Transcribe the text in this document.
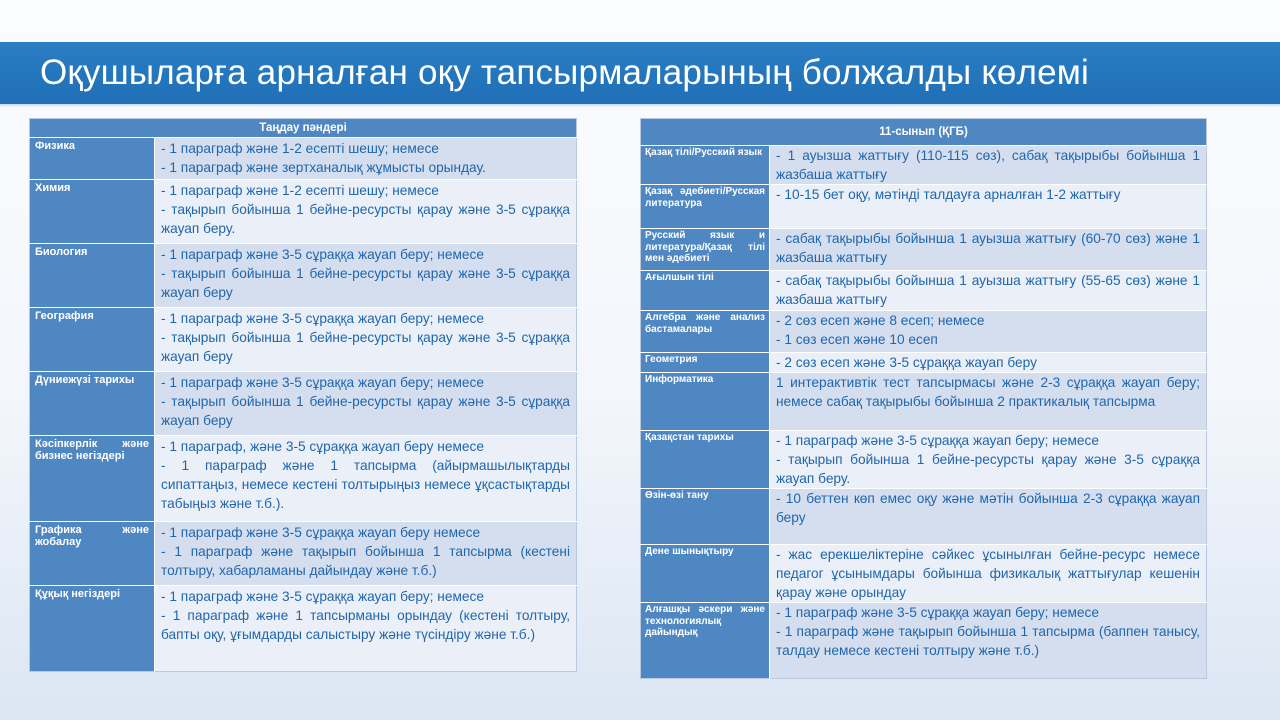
Оқушыларға арналған оқу тапсырмаларының болжалды көлемі
Таңдау пәндері	
Физика	- 1 параграф және 1-2 есепті шешу; немесе
- 1 параграф және зертханалық жұмысты орындау.

Химия	- 1 параграф және 1-2 есепті шешу; немесе
- тақырып бойынша 1 бейне-ресурсты қарау және 3-5 сұраққа жауап беру.

Биология	- 1 параграф және 3-5 сұраққа жауап беру; немесе
- тақырып бойынша 1 бейне-ресурсты қарау және 3-5 сұраққа жауап беру

География	- 1 параграф және 3-5 сұраққа жауап беру; немесе
- тақырып бойынша 1 бейне-ресурсты қарау және 3-5 сұраққа жауап беру

Дүниежүзі тарихы	- 1 параграф және 3-5 сұраққа жауап беру; немесе
- тақырып бойынша 1 бейне-ресурсты қарау және 3-5 сұраққа жауап беру

Кәсіпкерлік және бизнес негіздері	- 1 параграф, және 3-5 сұраққа жауап беру немесе
- 1 параграф және 1 тапсырма (айырмашылықтарды сипаттаңыз, немесе кестені толтырыңыз немесе ұқсастықтарды табыңыз және т.б.).

Графика және жобалау	- 1 параграф және 3-5 сұраққа жауап беру немесе
- 1 параграф және тақырып бойынша 1 тапсырма (кестені толтыру, хабарламаны дайындау және т.б.)

Құқық негіздері	- 1 параграф және 3-5 сұраққа жауап беру; немесе
- 1 параграф және 1 тапсырманы орындау (кестені толтыру, бапты оқу, ұғымдарды салыстыру және түсіндіру және т.б.)
11-сынып (ҚГБ)	
Қазақ тілі/Русский язык	- 1 ауызша жаттығу (110-115 сөз), сабақ тақырыбы бойынша 1 жазбаша жаттығу

Қазақ әдебиеті/Русская литература	- 10-15 бет оқу, мәтінді талдауға арналған 1-2 жаттығу

Русский язык и литература/Қазақ тілі мен әдебиеті	- сабақ тақырыбы бойынша 1 ауызша жаттығу (60-70 сөз) және 1 жазбаша жаттығу

Ағылшын тілі	- сабақ тақырыбы бойынша 1 ауызша жаттығу (55-65 сөз) және 1 жазбаша жаттығу

Алгебра және анализ бастамалары	- 2 сөз есеп және 8 есеп; немесе
- 1 сөз есеп және 10 есеп

Геометрия	- 2 сөз есеп және 3-5 сұраққа жауап беру

Информатика	1 интерактивтік тест тапсырмасы және 2-3 сұраққа жауап беру; немесе сабақ тақырыбы бойынша 2 практикалық тапсырма

Қазақстан тарихы	- 1 параграф және 3-5 сұраққа жауап беру; немесе
- тақырып бойынша 1 бейне-ресурсты қарау және 3-5 сұраққа жауап беру.

Өзін-өзі тану	- 10 беттен көп емес оқу және мәтін бойынша 2-3 сұраққа жауап беру

Дене шынықтыру	- жас ерекшеліктеріне сәйкес ұсынылған бейне-ресурс немесе педагог ұсынымдары бойынша физикалық жаттығулар кешенін қарау және орындау

Алғашқы әскери және технологиялық дайындық	- 1 параграф және 3-5 сұраққа жауап беру; немесе
- 1 параграф және тақырып бойынша 1 тапсырма (баппен танысу, талдау немесе кестені толтыру және т.б.)
